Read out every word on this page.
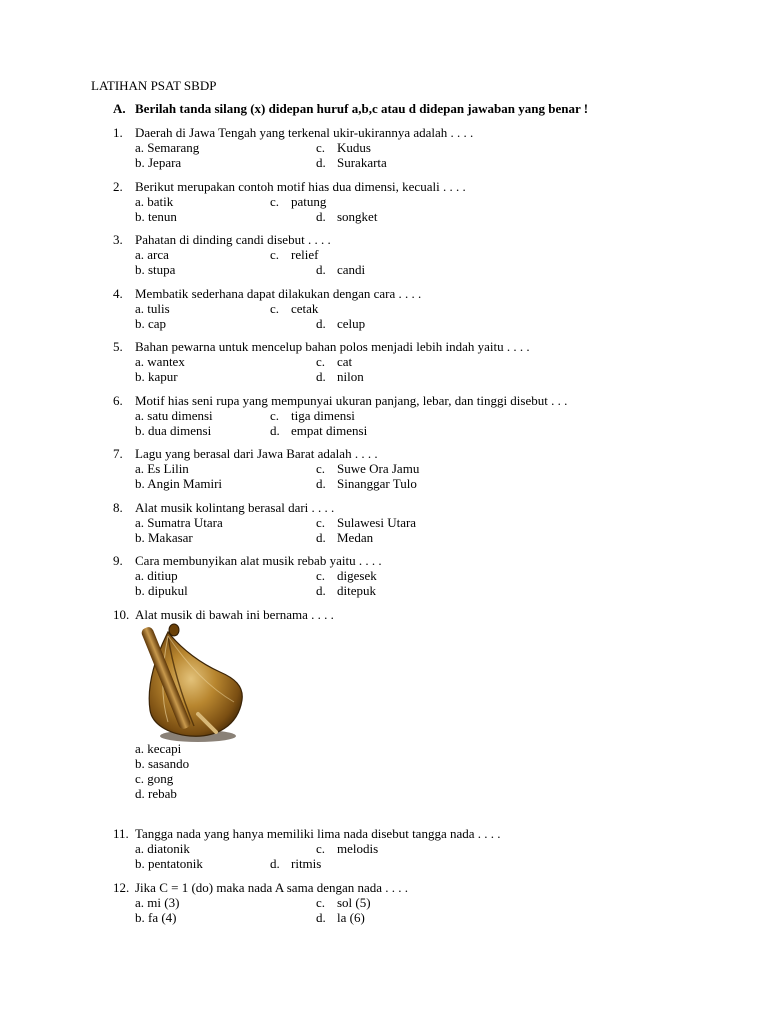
LATIHAN PSAT SBDP
A. Berilah tanda silang (x) didepan huruf a,b,c atau d didepan jawaban yang benar !
1. Daerah di Jawa Tengah yang terkenal ukir-ukirannya adalah . . . .
a. Semarang	c. Kudus
b. Jepara	d. Surakarta
2. Berikut merupakan contoh motif hias dua dimensi, kecuali . . . .
a. batik	c. patung
b. tenun	d. songket
3. Pahatan di dinding candi disebut . . . .
a. arca	c. relief
b. stupa	d. candi
4. Membatik sederhana dapat dilakukan dengan cara . . . .
a. tulis	c. cetak
b. cap	d. celup
5. Bahan pewarna untuk mencelup bahan polos menjadi lebih indah yaitu . . . .
a. wantex	c. cat
b. kapur	d. nilon
6. Motif hias seni rupa yang mempunyai ukuran panjang, lebar, dan tinggi disebut . . .
a. satu dimensi	c. tiga dimensi
b. dua dimensi	d. empat dimensi
7. Lagu yang berasal dari Jawa Barat adalah . . . .
a. Es Lilin	c. Suwe Ora Jamu
b. Angin Mamiri	d. Sinanggar Tulo
8. Alat musik kolintang berasal dari . . . .
a. Sumatra Utara	c. Sulawesi Utara
b. Makasar	d. Medan
9. Cara membunyikan alat musik rebab yaitu . . . .
a. ditiup	c. digesek
b. dipukul	d. ditepuk
10. Alat musik di bawah ini bernama . . . .
a. kecapi
b. sasando
c. gong
d. rebab
11. Tangga nada yang hanya memiliki lima nada disebut tangga nada . . . .
a. diatonik	c. melodis
b. pentatonik	d. ritmis
12. Jika C = 1 (do) maka nada A sama dengan nada . . . .
a. mi (3)	c. sol (5)
b. fa (4)	d. la (6)
